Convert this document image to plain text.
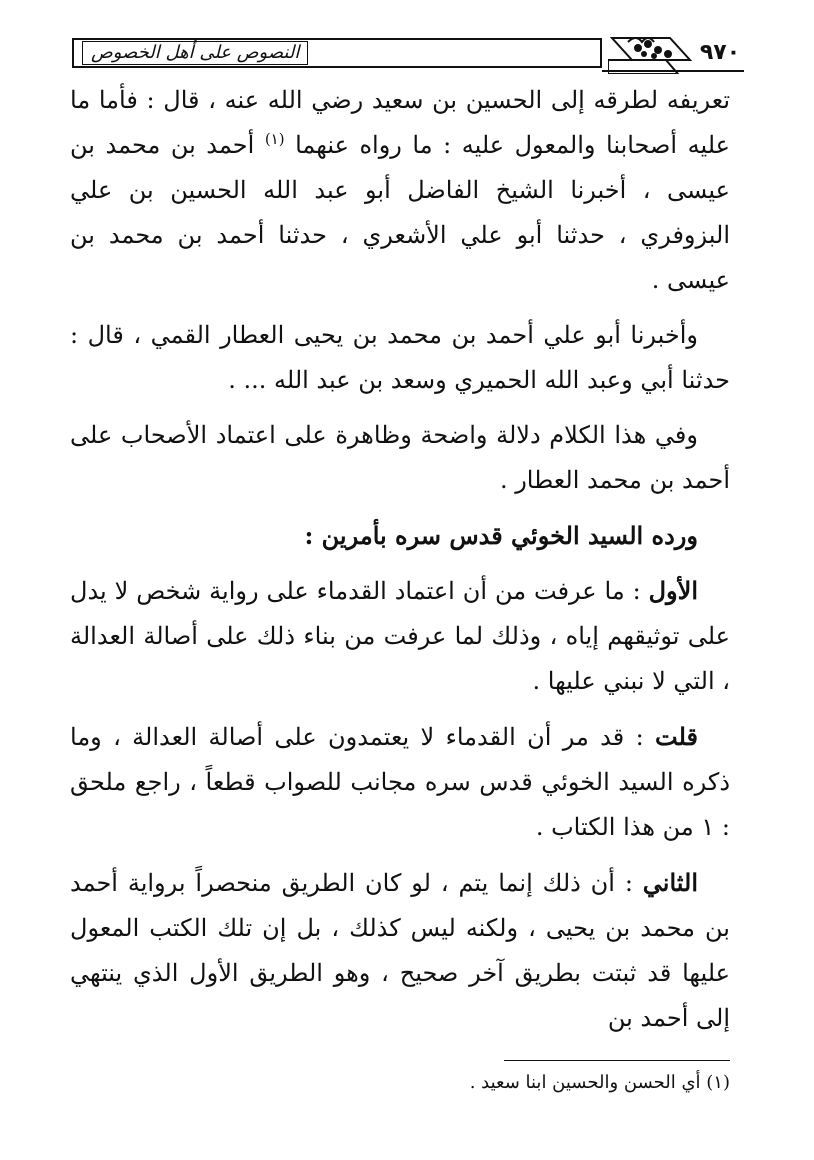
النصوص على أهل الخصوص	٩٧٠

تعريفه لطرقه إلى الحسين بن سعيد رضي الله عنه ، قال : فأما ما عليه أصحابنا والمعول عليه : ما رواه عنهما $^{(١)}$ أحمد بن محمد بن عيسى ، أخبرنا الشيخ الفاضل أبو عبد الله الحسين بن علي البزوفري ، حدثنا أبو علي الأشعري ، حدثنا أحمد بن محمد بن عيسى .

وأخبرنا أبو علي أحمد بن محمد بن يحيى العطار القمي ، قال : حدثنا أبي وعبد الله الحميري وسعد بن عبد الله ... .

وفي هذا الكلام دلالة واضحة وظاهرة على اعتماد الأصحاب على أحمد بن محمد العطار .

ورده السيد الخوئي قدس سره بأمرين :

الأول : ما عرفت من أن اعتماد القدماء على رواية شخص لا يدل على توثيقهم إياه ، وذلك لما عرفت من بناء ذلك على أصالة العدالة ، التي لا نبني عليها .

قلت : قد مر أن القدماء لا يعتمدون على أصالة العدالة ، وما ذكره السيد الخوئي قدس سره مجانب للصواب قطعاً ، راجع ملحق : ١ من هذا الكتاب .

الثاني : أن ذلك إنما يتم ، لو كان الطريق منحصراً برواية أحمد بن محمد بن يحيى ، ولكنه ليس كذلك ، بل إن تلك الكتب المعول عليها قد ثبتت بطريق آخر صحيح ، وهو الطريق الأول الذي ينتهي إلى أحمد بن

(١) أي الحسن والحسين ابنا سعيد .
